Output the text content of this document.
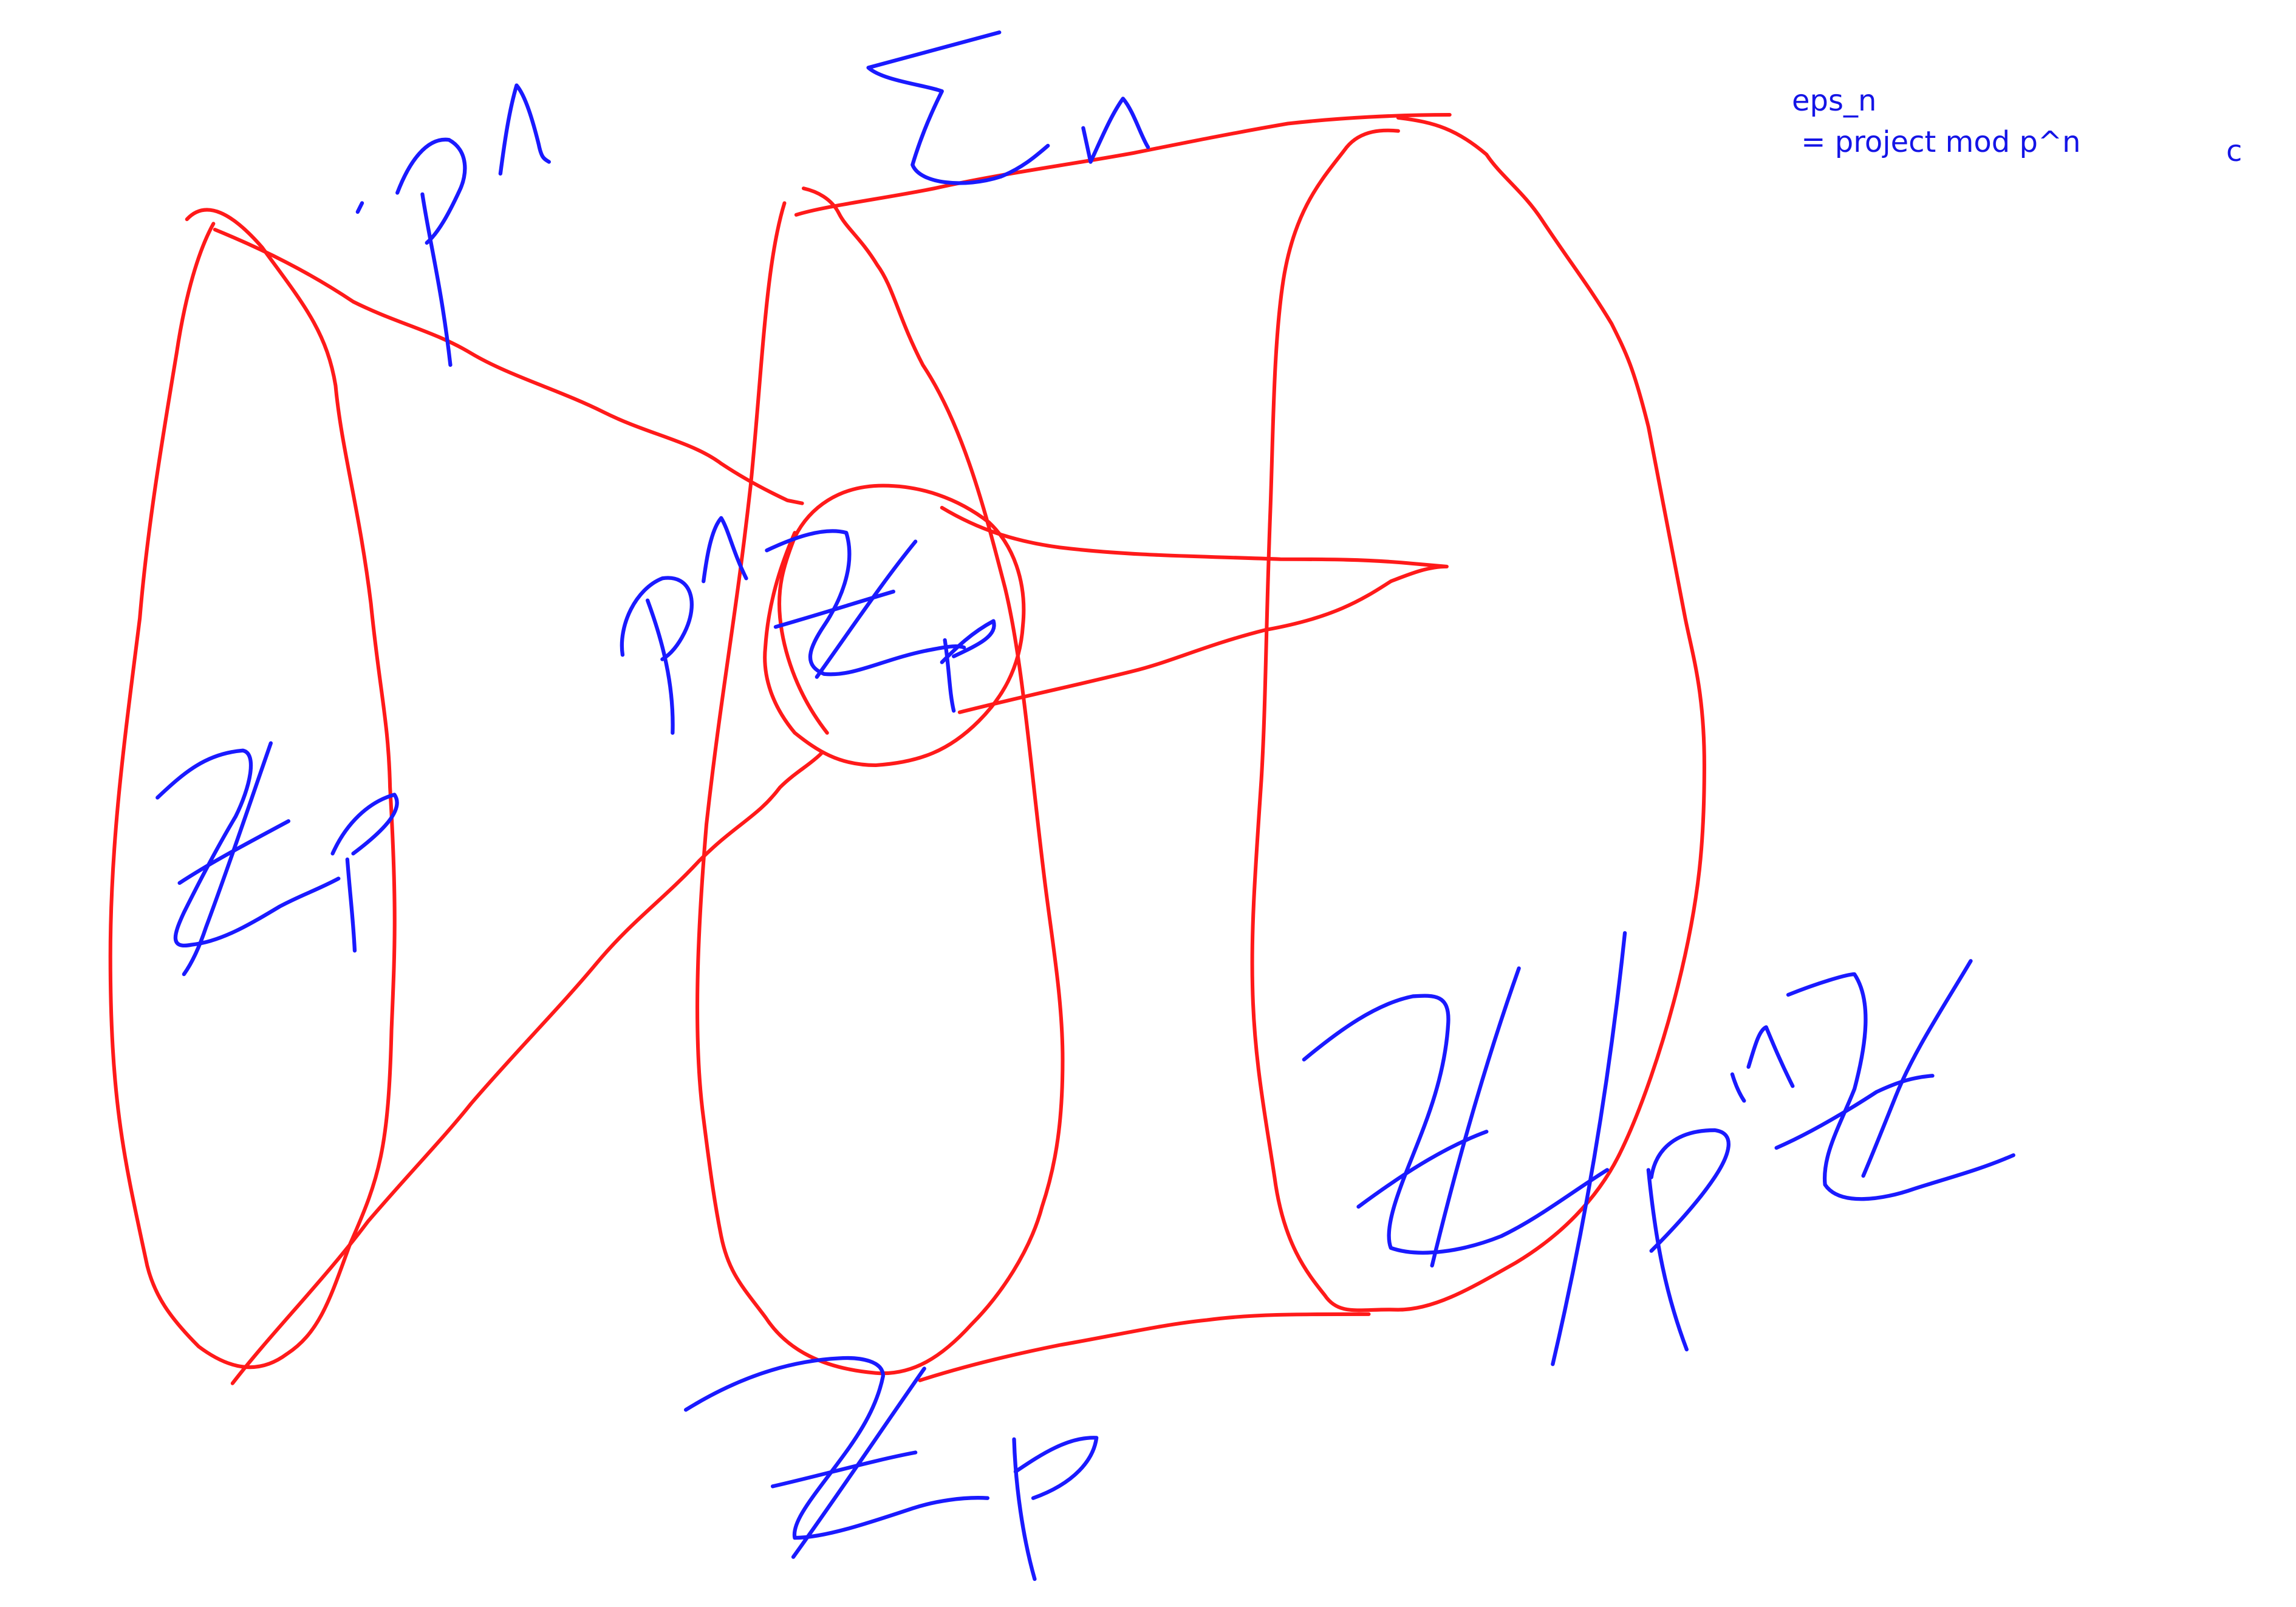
eps_n
= project mod p^n	c
